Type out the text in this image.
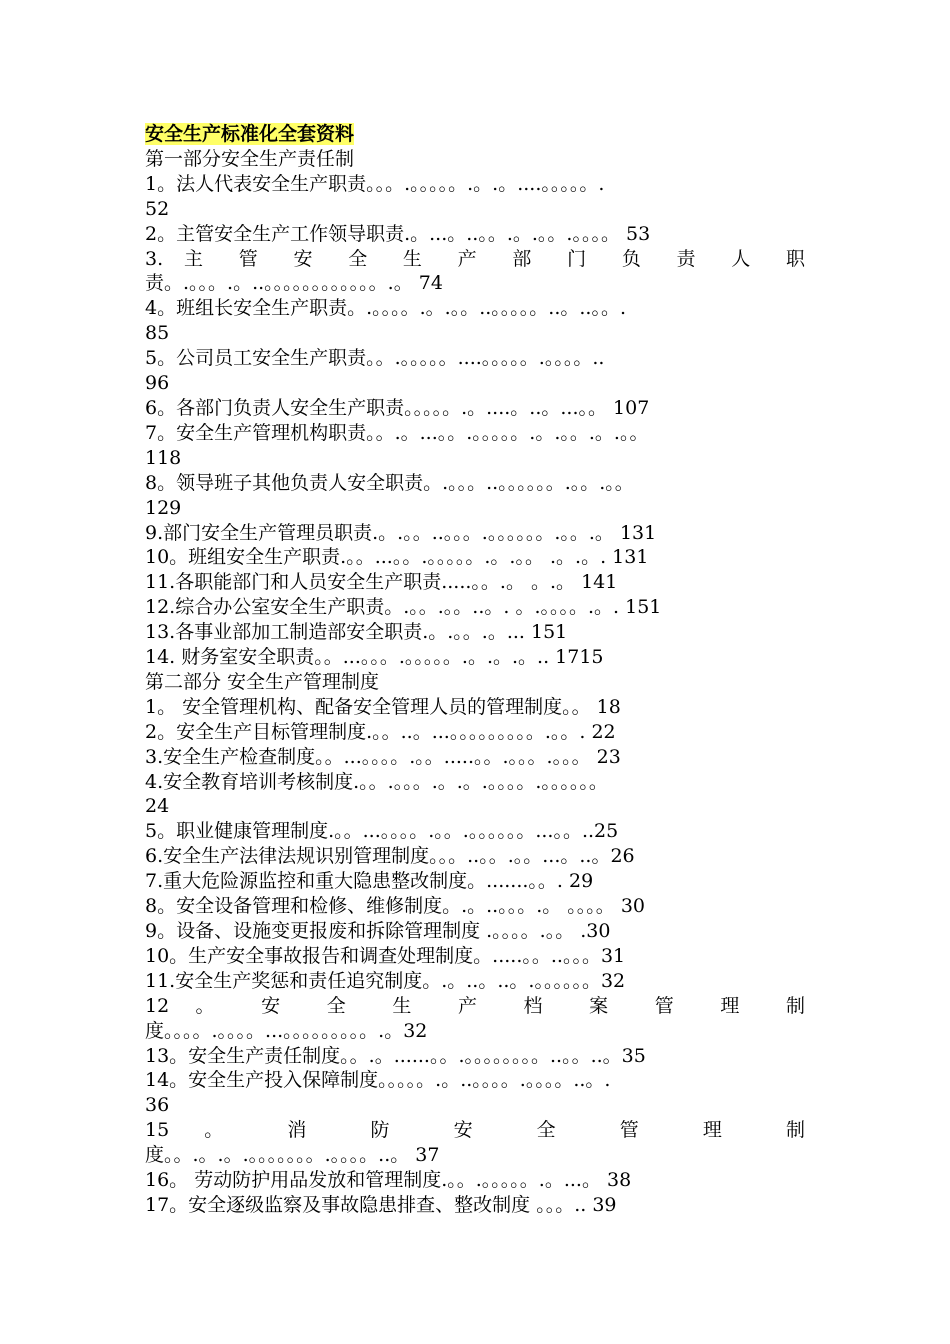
安全生产标准化全套资料
第一部分安全生产责任制
1。法人代表安全生产职责。。。.。。。。。.。.。....。。。。。.
52
2。主管安全生产工作领导职责.。...。..。。.。.。。.。。。。 53
3. 主 管 安 全 生 产 部 门 负 责 人 职
责。.。。。.。..。。。。。。。。。。。。.。 74
4。班组长安全生产职责。.。。。。.。.。。..。。。。。..。..。。.
85
5。公司员工安全生产职责。。.。。。。。....。。。。。.。。。。..
96
6。各部门负责人安全生产职责。。。。。.。....。..。...。。 107
7。安全生产管理机构职责。。.。...。。.。。。。。.。.。。.。.。。
118
8。领导班子其他负责人安全职责。.。。。..。。。。。。.。。.。。
129
9.部门安全生产管理员职责.。.。。..。。。.。。。。。。.。。.。 131
10。班组安全生产职责.。。...。。.。。。。。.。.。。 .。.。. 131
11.各职能部门和人员安全生产职责.....。。.。 。.。 141
12.综合办公室安全生产职责。.。。.。。..。. 。.。。。。.。. 151
13.各事业部加工制造部安全职责.。.。。.。... 151
14. 财务室安全职责。。...。。。.。。。。。.。.。.。.. 1715
第二部分 安全生产管理制度
1。 安全管理机构、配备安全管理人员的管理制度。。 18
2。安全生产目标管理制度.。。..。...。。。。。。。。。.。。. 22
3.安全生产检查制度。。...。。。。.。。.....。。.。。。.。。。 23
4.安全教育培训考核制度.。。.。。。.。.。.。。。。.。。。。。。
24
5。职业健康管理制度.。。...。。。。.。。.。。。。。。...。。..25
6.安全生产法律法规识别管理制度。。。..。。.。。...。..。26
7.重大危险源监控和重大隐患整改制度。.......。。. 29
8。安全设备管理和检修、维修制度。.。..。。。.。 。。。。 30
9。设备、设施变更报废和拆除管理制度 .。。。。.。。 .30
10。生产安全事故报告和调查处理制度。.....。。..。。。31
11.安全生产奖惩和责任追究制度。.。..。..。.。。。。。。32
12 。 安 全 生 产 档 案 管 理 制
度。。。。.。。。。...。。。。。。。。。.。32
13。安全生产责任制度。。.。......。。.。。。。。。。。..。。..。35
14。安全生产投入保障制度。。。。。.。..。。。。.。。。。..。.
36
15 。 消 防 安 全 管 理 制
度。。.。.。.。。。。。。。.。。。。..。 37
16。 劳动防护用品发放和管理制度.。。.。。。。。.。...。 38
17。安全逐级监察及事故隐患排查、整改制度 。。。.. 39
